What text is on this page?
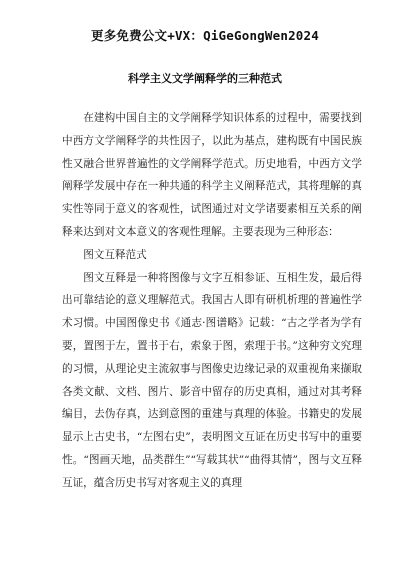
更多免费公文+VX：QiGeGongWen2024
科学主义文学阐释学的三种范式

在建构中国自主的文学阐释学知识体系的过程中，需要找到中西方文学阐释学的共性因子，以此为基点，建构既有中国民族性又融合世界普遍性的文学阐释学范式。历史地看，中西方文学阐释学发展中存在一种共通的科学主义阐释范式，其将理解的真实性等同于意义的客观性，试图通过对文学诸要素相互关系的阐释来达到对文本意义的客观性理解。主要表现为三种形态：

图文互释范式

图文互释是一种将图像与文字互相参证、互相生发，最后得出可靠结论的意义理解范式。我国古人即有研机析理的普遍性学术习惯。中国图像史书《通志·图谱略》记载：“古之学者为学有要，置图于左，置书于右，索象于图，索理于书。”这种穷文究理的习惯，从理论史主流叙事与图像史边缘记录的双重视角来撷取各类文献、文档、图片、影音中留存的历史真相，通过对其考释编目，去伪存真，达到意图的重建与真理的体验。书籍史的发展显示上古史书，“左图右史”，表明图文互证在历史书写中的重要性。“图画天地，品类群生”“写载其状”“曲得其情”，图与文互释互证，蕴含历史书写对客观主义的真理
